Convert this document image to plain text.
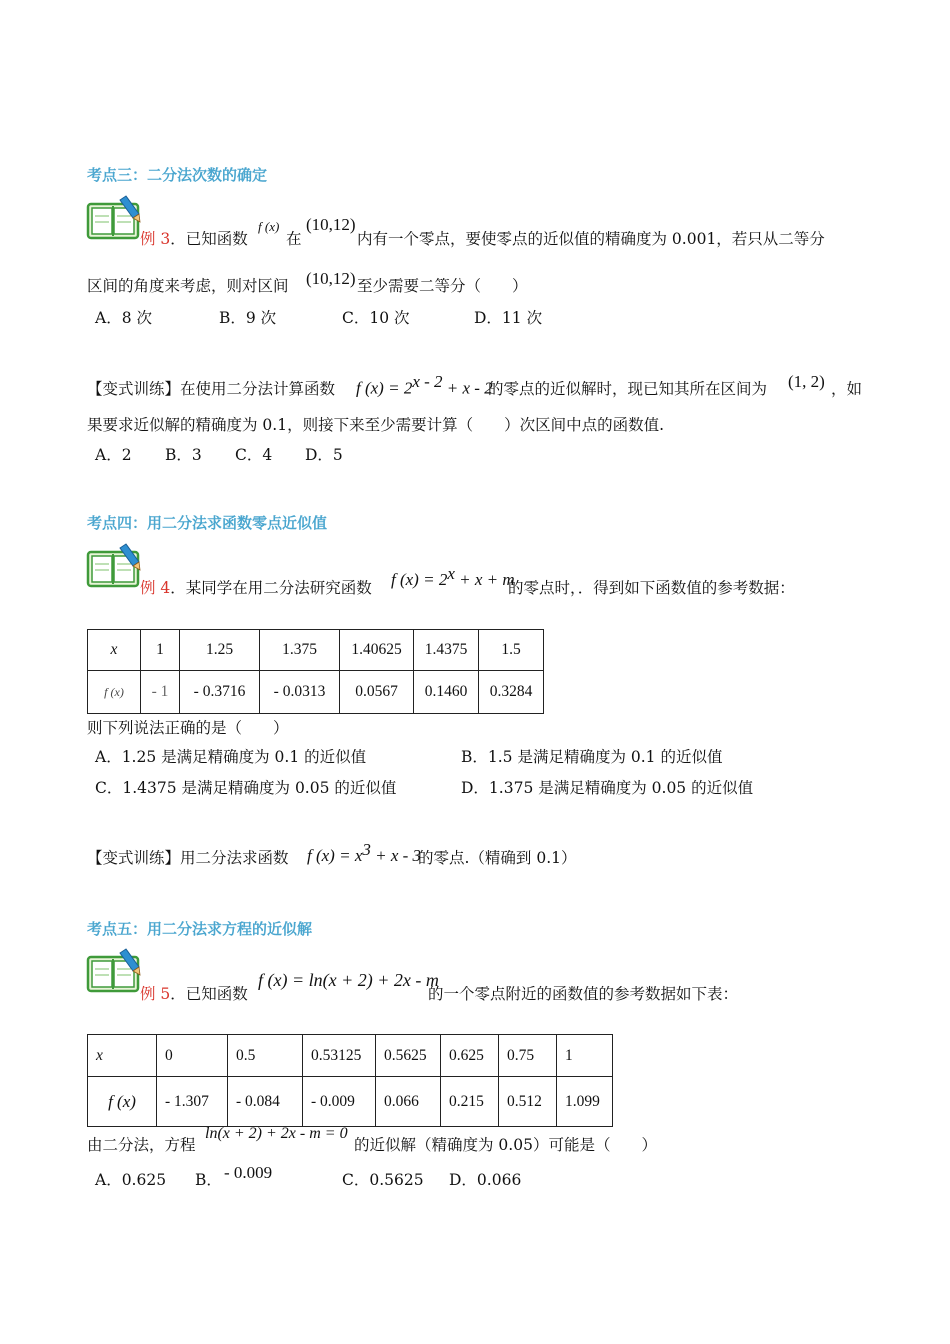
考点三：二分法次数的确定
例 3．已知函数
f (x)
在
(10,12)
内有一个零点，要使零点的近似值的精确度为 0.001，若只从二等分
区间的角度来考虑，则对区间 (10,12) 至少需要二等分（　　）
A．8 次	B．9 次	C．10 次	D．11 次
【变式训练】在使用二分法计算函数 f $(x) = 2^{x - 2} + x - 2$
的零点的近似解时，现已知其所在区间为 (1, 2) ，如
果要求近似解的精确度为 0.1，则接下来至少需要计算（　　）次区间中点的函数值.
A．2 B．3 C．4 D．5
考点四：用二分法求函数零点近似值
例 4．某同学在用二分法研究函数 f $(x) = 2^x + x + m$
的零点时，．得到如下函数值的参考数据：
x	1	1.25	1.375	1.40625	1.4375	1.5
f (x)	- 1	- 0.3716	- 0.0313	0.0567	0.1460	0.3284
则下列说法正确的是（　　）
A．1.25 是满足精确度为 0.1 的近似值	B．1.5 是满足精确度为 0.1 的近似值
C．1.4375 是满足精确度为 0.05 的近似值	D．1.375 是满足精确度为 0.05 的近似值
【变式训练】用二分法求函数 f $(x) = x^3 + x - 3$
的零点.（精确到 0.1）
考点五：用二分法求方程的近似解
例 5．已知函数
f (x) = ln(x + 2) + 2x - m
的一个零点附近的函数值的参考数据如下表：
x	0	0.5	0.53125	0.5625	0.625	0.75	1
f (x)	- 1.307	- 0.084	- 0.009	0.066	0.215	0.512	1.099
由二分法，方程
ln(x + 2) + 2x - m = 0
的近似解（精确度为 0.05）可能是（　　）
A．0.625 B． - 0.009	C．0.5625 D．0.066
